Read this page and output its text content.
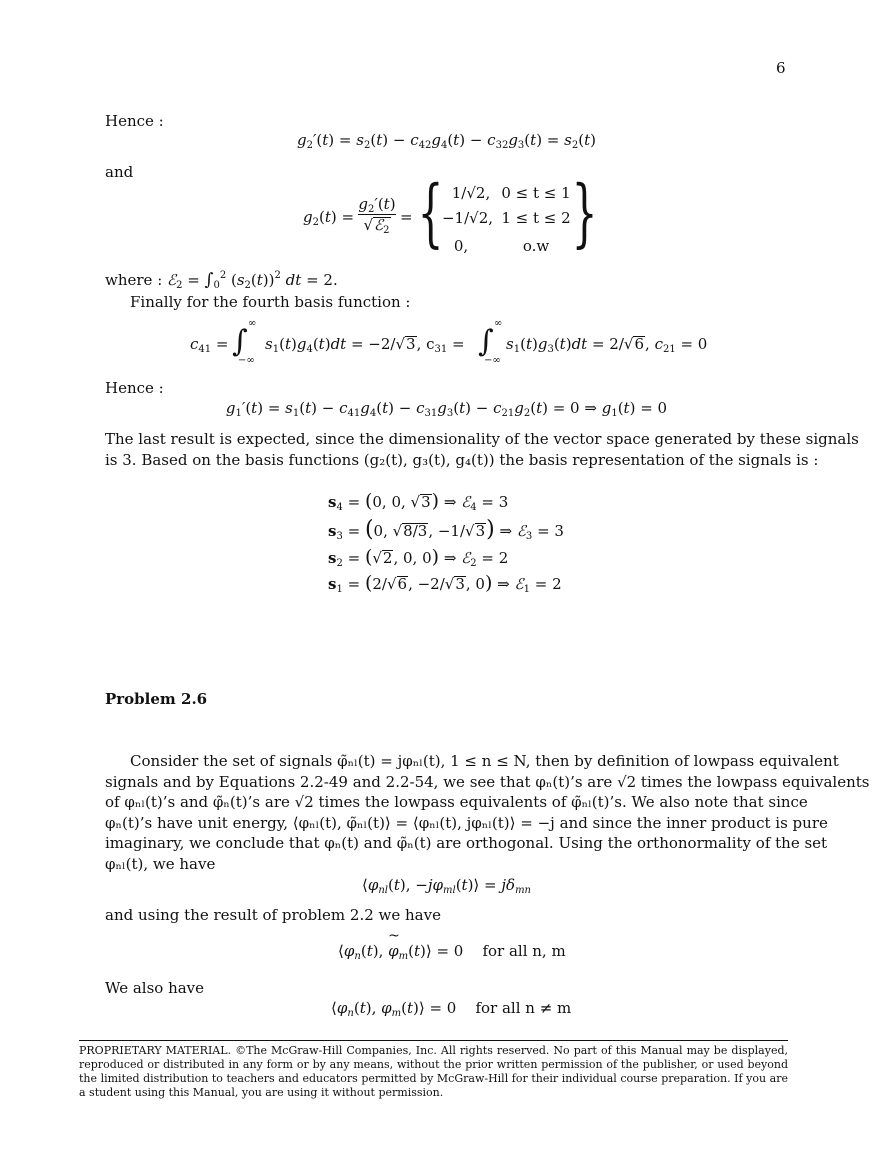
6
Hence :
$g_2'(t) = s_2(t) - c_{42}g_4(t) - c_{32}g_3(t) = s_2(t)$
and
$g_2(t)$ =
$g_2'(t)$
√ℰ$_2$
= { 1/√2, 0 ≤ t ≤ 1
−1/√2, 1 ≤ t ≤ 2
0,	o.w }
where : ℰ$_2$ = $\int_0^2$ $(s_2(t))^2$ dt = 2.
Finally for the fourth basis function :
$c_{41}$ = ∫
∞
−∞
$s_1(t)g_4(t)dt = -2/√3$, $c_{31}$ = ∫
∞
−∞
$s_1(t)g_3(t)dt = 2/√6$, $c_{21} = 0$
Hence :
$g_1'(t) = s_1(t) - c_{41}g_4(t) - c_{31}g_3(t) - c_{21}g_2(t) = 0$ ⇒ $g_1(t) = 0$
The last result is expected, since the dimensionality of the vector space generated by these signals
is 3. Based on the basis functions (g₂(t), g₃(t), g₄(t)) the basis representation of the signals is :
$s_4 = (0$, 0, √3) ⇒ ℰ$_4$ = 3
$s_3 = (0$, √8/3, −1/√3) ⇒ ℰ$_3$ = 3
$s_2 = (√2$, 0, 0) ⇒ ℰ$_2$ = 2
$s_1 = (2/√6$, −2/√3, 0) ⇒ ℰ$_1$ = 2
Problem 2.6
Consider the set of signals φ̃ₙₗ(t) = jφₙₗ(t), 1 ≤ n ≤ N, then by definition of lowpass equivalent
signals and by Equations 2.2-49 and 2.2-54, we see that φₙ(t)’s are √2 times the lowpass equivalents
of φₙₗ(t)’s and φ̃ₙ(t)’s are √2 times the lowpass equivalents of φ̃ₙₗ(t)’s. We also note that since
φₙ(t)’s have unit energy, ⟨φₙₗ(t), φ̃ₙₗ(t)⟩ = ⟨φₙₗ(t), jφₙₗ(t)⟩ = −j and since the inner product is pure
imaginary, we conclude that φₙ(t) and φ̃ₙ(t) are orthogonal. Using the orthonormality of the set
φₙₗ(t), we have
$⟨\varphi_{nl}(t)$, $-j\varphi_{ml}(t)⟩ = j\delta_{mn}$
and using the result of problem 2.2 we have
$⟨\varphi_n(t)$, ~ $\varphi_m(t)⟩ = 0$    for all n, m
We also have
$⟨\varphi_n(t)$, $\varphi_m(t)⟩ = 0$    for all n ≠ m
PROPRIETARY MATERIAL. ©The McGraw-Hill Companies, Inc. All rights reserved. No part of this Manual may be displayed, reproduced or distributed in any form or by any means, without the prior written permission of the publisher, or used beyond the limited distribution to teachers and educators permitted by McGraw-Hill for their individual course preparation. If you are a student using this Manual, you are using it without permission.
